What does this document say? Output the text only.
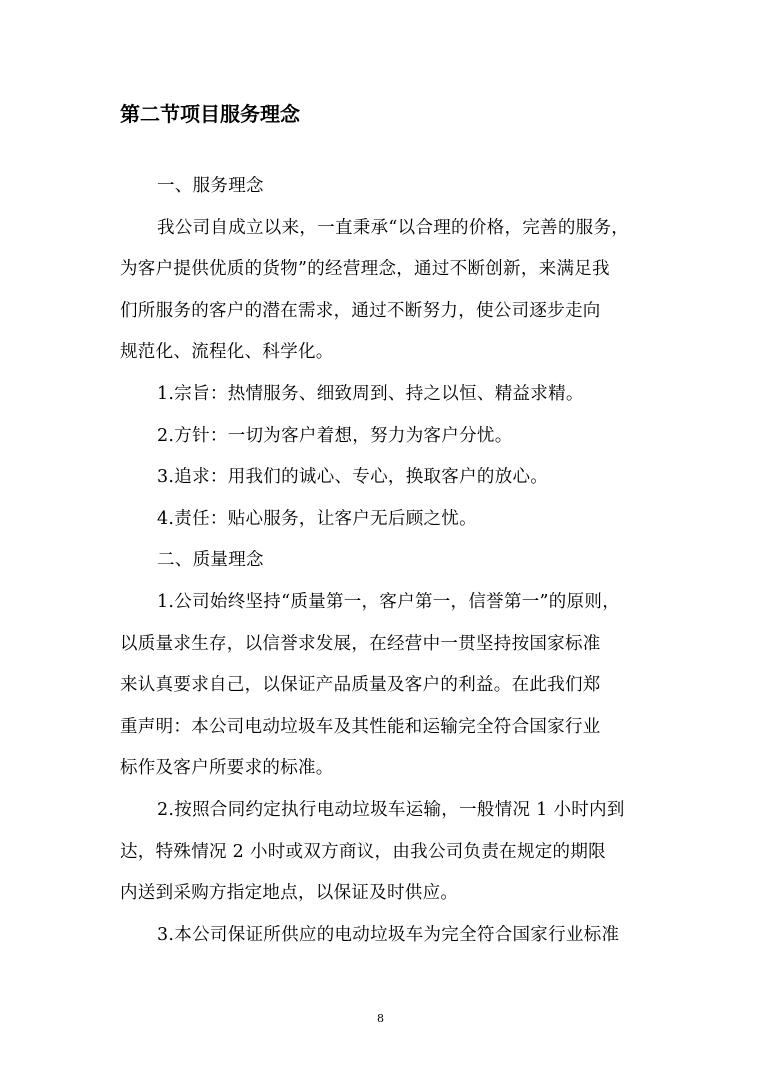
第二节项目服务理念
一、服务理念
我公司自成立以来，一直秉承“以合理的价格，完善的服务，
为客户提供优质的货物”的经营理念，通过不断创新，来满足我
们所服务的客户的潜在需求，通过不断努力，使公司逐步走向
规范化、流程化、科学化。
1.宗旨：热情服务、细致周到、持之以恒、精益求精。
2.方针：一切为客户着想，努力为客户分忧。
3.追求：用我们的诚心、专心，换取客户的放心。
4.责任：贴心服务，让客户无后顾之忧。
二、质量理念
1.公司始终坚持“质量第一，客户第一，信誉第一”的原则，
以质量求生存，以信誉求发展，在经营中一贯坚持按国家标准
来认真要求自己，以保证产品质量及客户的利益。在此我们郑
重声明：本公司电动垃圾车及其性能和运输完全符合国家行业
标作及客户所要求的标准。
2.按照合同约定执行电动垃圾车运输，一般情况 1 小时内到
达，特殊情况 2 小时或双方商议，由我公司负责在规定的期限
内送到采购方指定地点，以保证及时供应。
3.本公司保证所供应的电动垃圾车为完全符合国家行业标准
8
